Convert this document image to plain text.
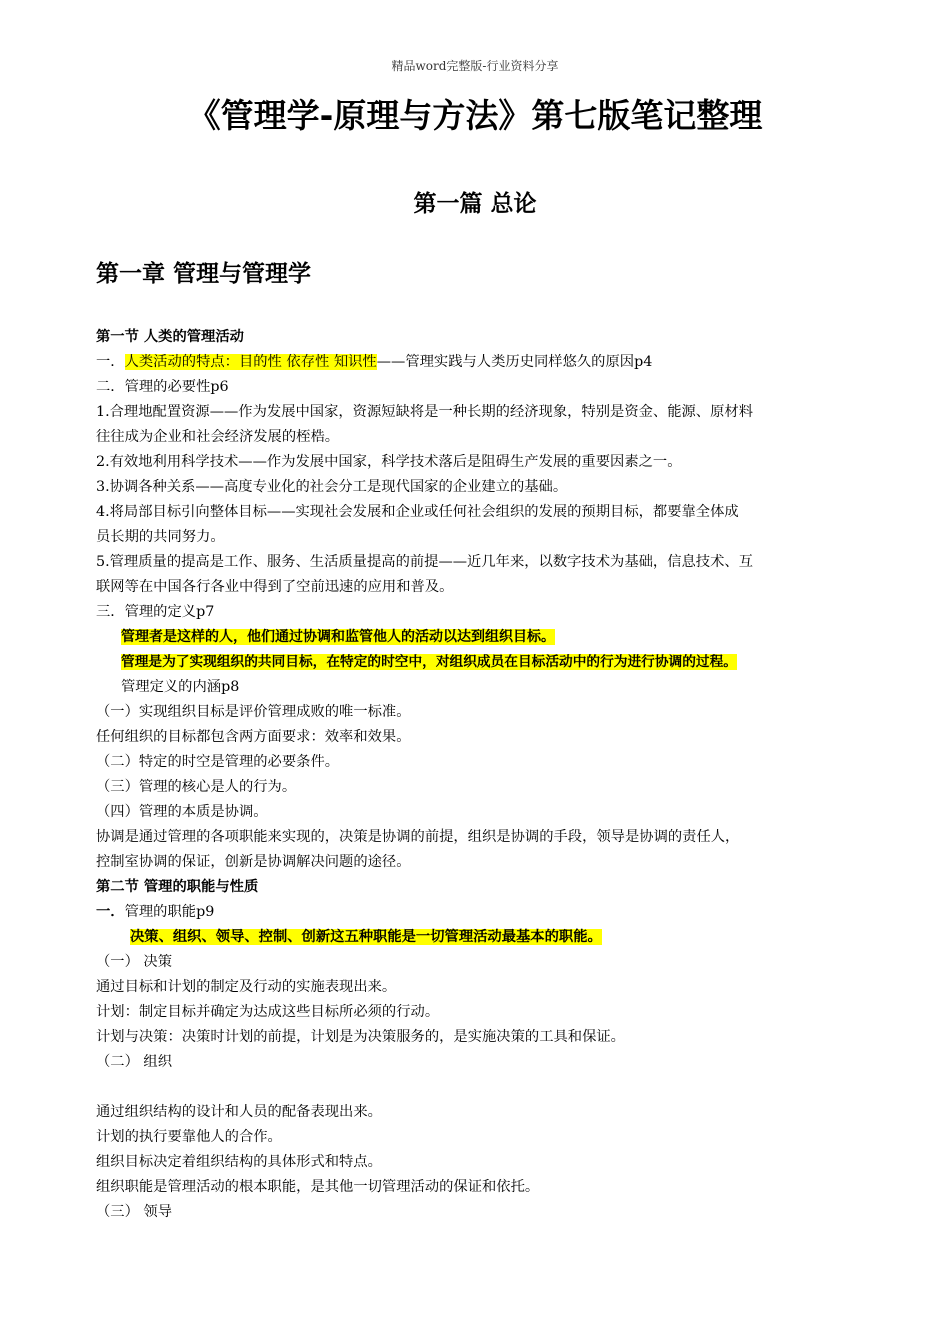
精品word完整版-行业资料分享
《管理学-原理与方法》第七版笔记整理
第一篇 总论
第一章 管理与管理学
第一节 人类的管理活动
一．人类活动的特点：目的性 依存性 知识性——管理实践与人类历史同样悠久的原因p4
二．管理的必要性p6
1.合理地配置资源——作为发展中国家，资源短缺将是一种长期的经济现象，特别是资金、能源、原材料
往往成为企业和社会经济发展的桎梏。
2.有效地利用科学技术——作为发展中国家，科学技术落后是阻碍生产发展的重要因素之一。
3.协调各种关系——高度专业化的社会分工是现代国家的企业建立的基础。
4.将局部目标引向整体目标——实现社会发展和企业或任何社会组织的发展的预期目标，都要靠全体成
员长期的共同努力。
5.管理质量的提高是工作、服务、生活质量提高的前提——近几年来，以数字技术为基础，信息技术、互
联网等在中国各行各业中得到了空前迅速的应用和普及。
三．管理的定义p7
管理者是这样的人，他们通过协调和监管他人的活动以达到组织目标。
管理是为了实现组织的共同目标，在特定的时空中，对组织成员在目标活动中的行为进行协调的过程。
管理定义的内涵p8
（一）实现组织目标是评价管理成败的唯一标准。
任何组织的目标都包含两方面要求：效率和效果。
（二）特定的时空是管理的必要条件。
（三）管理的核心是人的行为。
（四）管理的本质是协调。
协调是通过管理的各项职能来实现的，决策是协调的前提，组织是协调的手段，领导是协调的责任人，
控制室协调的保证，创新是协调解决问题的途径。
第二节 管理的职能与性质
一．管理的职能p9
决策、组织、领导、控制、创新这五种职能是一切管理活动最基本的职能。
（一） 决策
通过目标和计划的制定及行动的实施表现出来。
计划：制定目标并确定为达成这些目标所必须的行动。
计划与决策：决策时计划的前提，计划是为决策服务的，是实施决策的工具和保证。
（二） 组织
通过组织结构的设计和人员的配备表现出来。
计划的执行要靠他人的合作。
组织目标决定着组织结构的具体形式和特点。
组织职能是管理活动的根本职能，是其他一切管理活动的保证和依托。
（三） 领导
